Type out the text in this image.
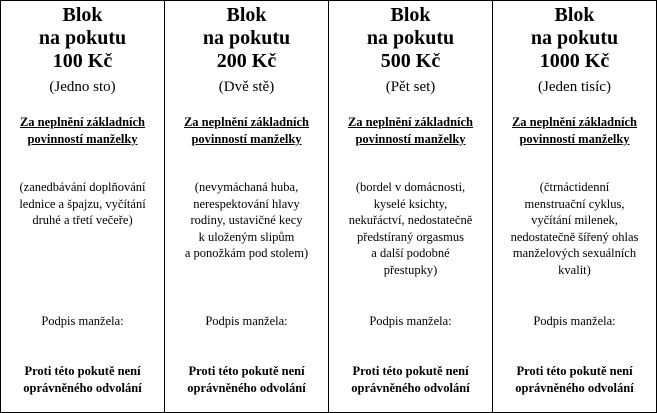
Blok
na pokutu
100 Kč
(Jedno sto)
Za neplnění základních
povinností manželky
(zanedbávání doplňování
lednice a špajzu, vyčítání
druhé a třetí večeře)
Podpis manžela:
Proti této pokutě není
oprávněného odvolání
Blok
na pokutu
200 Kč
(Dvě stě)
Za neplnění základních
povinností manželky
(nevymáchaná huba,
nerespektování hlavy
rodiny, ustavičné kecy
k uloženým slipům
a ponožkám pod stolem)
Podpis manžela:
Proti této pokutě není
oprávněného odvolání
Blok
na pokutu
500 Kč
(Pět set)
Za neplnění základních
povinností manželky
(bordel v domácnosti,
kyselé ksichty,
nekuřáctví, nedostatečně
předstíraný orgasmus
a další podobné
přestupky)
Podpis manžela:
Proti této pokutě není
oprávněného odvolání
Blok
na pokutu
1000 Kč
(Jeden tisíc)
Za neplnění základních
povinností manželky
(čtrnáctidenní
menstruační cyklus,
vyčítání milenek,
nedostatečně šířený ohlas
manželových sexuálních
kvalit)
Podpis manžela:
Proti této pokutě není
oprávněného odvolání
